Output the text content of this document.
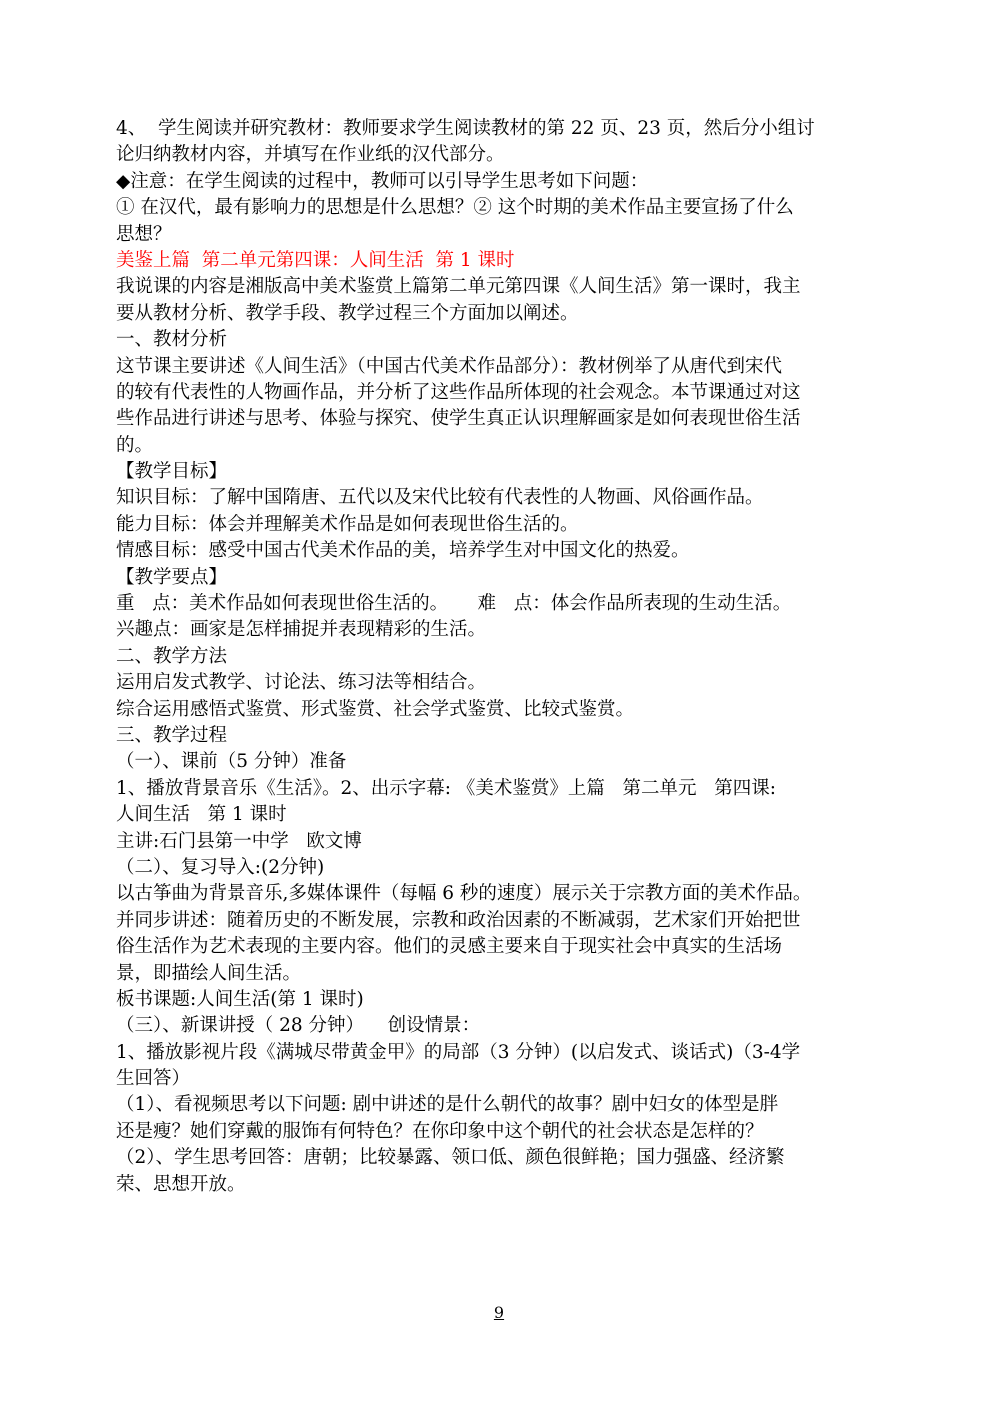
4、  学生阅读并研究教材：教师要求学生阅读教材的第 22 页、23 页，然后分小组讨
论归纳教材内容，并填写在作业纸的汉代部分。
◆注意：在学生阅读的过程中，教师可以引导学生思考如下问题：
① 在汉代，最有影响力的思想是什么思想？② 这个时期的美术作品主要宣扬了什么
思想？
美鉴上篇  第二单元第四课：人间生活  第 1 课时
我说课的内容是湘版高中美术鉴赏上篇第二单元第四课《人间生活》第一课时，我主
要从教材分析、教学手段、教学过程三个方面加以阐述。
一、教材分析
这节课主要讲述《人间生活》（中国古代美术作品部分）：教材例举了从唐代到宋代
的较有代表性的人物画作品，并分析了这些作品所体现的社会观念。本节课通过对这
些作品进行讲述与思考、体验与探究、使学生真正认识理解画家是如何表现世俗生活
的。
【教学目标】
知识目标：了解中国隋唐、五代以及宋代比较有代表性的人物画、风俗画作品。
能力目标：体会并理解美术作品是如何表现世俗生活的。
情感目标：感受中国古代美术作品的美，培养学生对中国文化的热爱。
【教学要点】
重   点：美术作品如何表现世俗生活的。     难   点：体会作品所表现的生动生活。
兴趣点：画家是怎样捕捉并表现精彩的生活。
二、教学方法
运用启发式教学、讨论法、练习法等相结合。
综合运用感悟式鉴赏、形式鉴赏、社会学式鉴赏、比较式鉴赏。
三、教学过程
（一）、课前（5 分钟）准备
1、播放背景音乐《生活》。2、出示字幕: 《美术鉴赏》上篇   第二单元   第四课:
人间生活   第 1 课时
主讲:石门县第一中学   欧文博
（二）、复习导入:(2分钟)
以古筝曲为背景音乐,多媒体课件（每幅 6 秒的速度）展示关于宗教方面的美术作品。
并同步讲述：随着历史的不断发展，宗教和政治因素的不断减弱，艺术家们开始把世
俗生活作为艺术表现的主要内容。他们的灵感主要来自于现实社会中真实的生活场
景，即描绘人间生活。
板书课题:人间生活(第 1 课时)
（三）、新课讲授（ 28 分钟）    创设情景：
1、播放影视片段《满城尽带黄金甲》的局部（3 分钟）(以启发式、谈话式)（3-4学
生回答）
（1）、看视频思考以下问题: 剧中讲述的是什么朝代的故事？剧中妇女的体型是胖
还是瘦？她们穿戴的服饰有何特色？在你印象中这个朝代的社会状态是怎样的？
（2）、学生思考回答：唐朝；比较暴露、领口低、颜色很鲜艳；国力强盛、经济繁
荣、思想开放。
9
